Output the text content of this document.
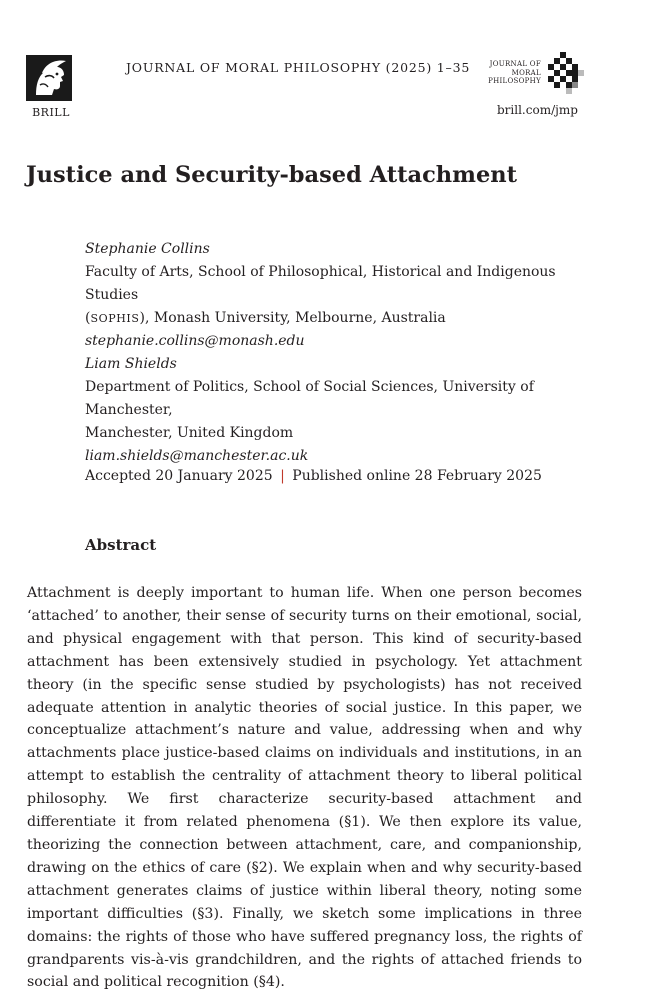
BRILL
JOURNAL OF MORAL PHILOSOPHY (2025) 1–35	JOURNAL OF
MORAL
PHILOSOPHY
brill.com/jmp
Justice and Security-based Attachment
Stephanie Collins
Faculty of Arts, School of Philosophical, Historical and Indigenous Studies
(SOPHIS), Monash University, Melbourne, Australia
stephanie.collins@monash.edu
Liam Shields
Department of Politics, School of Social Sciences, University of Manchester,
Manchester, United Kingdom
liam.shields@manchester.ac.uk
Accepted 20 January 2025 | Published online 28 February 2025
Abstract

Attachment is deeply important to human life. When one person becomes ‘attached’ to another, their sense of security turns on their emotional, social, and physical engagement with that person. This kind of security-based attachment has been extensively studied in psychology. Yet attachment theory (in the specific sense studied by psychologists) has not received adequate attention in analytic theories of social justice. In this paper, we conceptualize attachment’s nature and value, addressing when and why attachments place justice-based claims on individuals and institutions, in an attempt to establish the centrality of attachment theory to liberal political philosophy. We first characterize security-based attachment and differentiate it from related phenomena (§1). We then explore its value, theorizing the connection between attachment, care, and companionship, drawing on the ethics of care (§2). We explain when and why security-based attachment generates claims of justice within liberal theory, noting some important difficulties (§3). Finally, we sketch some implications in three domains: the rights of those who have suffered pregnancy loss, the rights of grandparents vis-à-vis grandchildren, and the rights of attached friends to social and political recognition (§4).
